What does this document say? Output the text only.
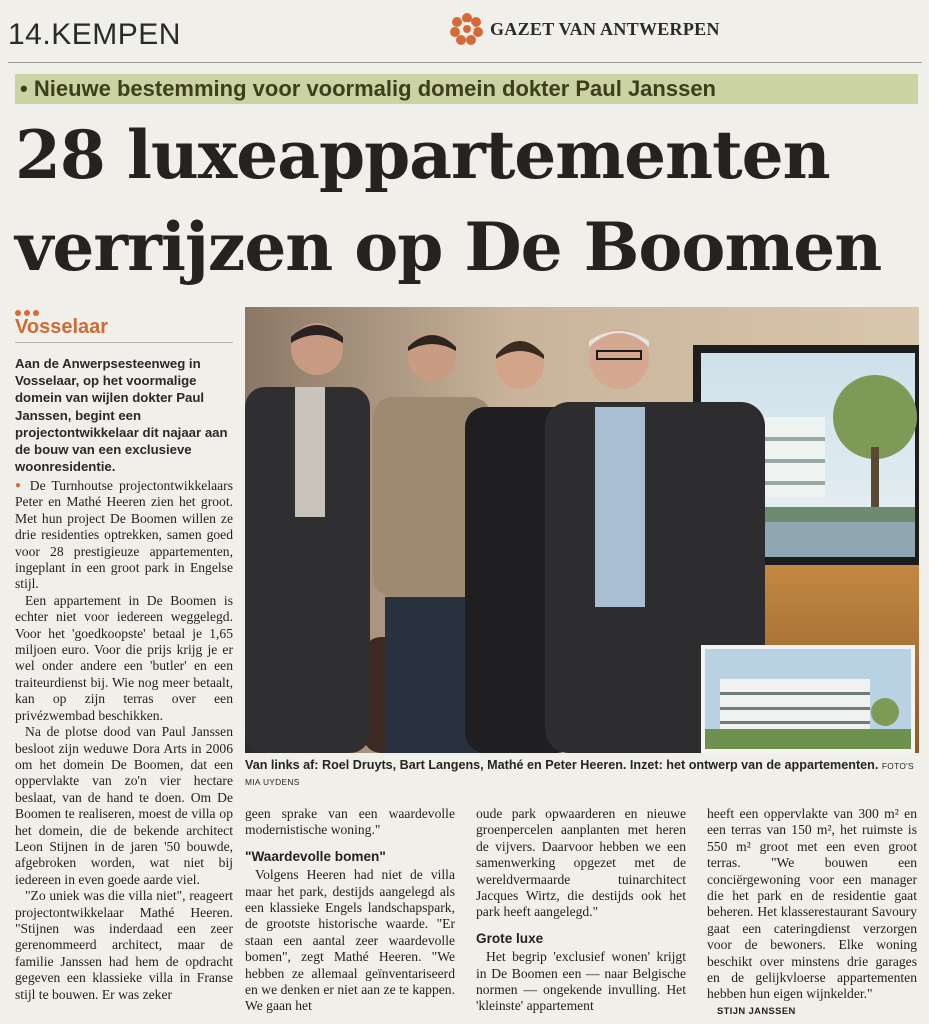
14.KEMPEN	GAZET VAN ANTWERPEN
• Nieuwe bestemming voor voormalig domein dokter Paul Janssen
28 luxeappartementen
verrijzen op De Boomen
Vosselaar
Aan de Anwerpsesteenweg in Vosselaar, op het voormalige domein van wijlen dokter Paul Janssen, begint een projectontwikkelaar dit najaar aan de bouw van een exclusieve woonresidentie.

● De Turnhoutse projectontwikkelaars Peter en Mathé Heeren zien het groot. Met hun project De Boomen willen ze drie residenties optrekken, samen goed voor 28 prestigieuze appartementen, ingeplant in een groot park in Engelse stijl.

Een appartement in De Boomen is echter niet voor iedereen weggelegd. Voor het 'goedkoopste' betaal je 1,65 miljoen euro. Voor die prijs krijg je er wel onder andere een 'butler' en een traiteurdienst bij. Wie nog meer betaalt, kan op zijn terras over een privézwembad beschikken.

Na de plotse dood van Paul Janssen besloot zijn weduwe Dora Arts in 2006 om het domein De Boomen, dat een oppervlakte van zo'n vier hectare beslaat, van de hand te doen. Om De Boomen te realiseren, moest de villa op het domein, die de bekende architect Leon Stijnen in de jaren '50 bouwde, afgebroken worden, wat niet bij iedereen in even goede aarde viel.

"Zo uniek was die villa niet", reageert projectontwikkelaar Mathé Heeren. "Stijnen was inderdaad een zeer gerenommeerd architect, maar de familie Janssen had hem de opdracht gegeven een klassieke villa in Franse stijl te bouwen. Er was zeker

Van links af: Roel Druyts, Bart Langens, Mathé en Peter Heeren. Inzet: het ontwerp van de appartementen. FOTO'S MIA UYDENS

geen sprake van een waardevolle modernistische woning."

"Waardevolle bomen"

Volgens Heeren had niet de villa maar het park, destijds aangelegd als een klassieke Engels landschapspark, de grootste historische waarde. "Er staan een aantal zeer waardevolle bomen", zegt Mathé Heeren. "We hebben ze allemaal geïnventariseerd en we denken er niet aan ze te kappen. We gaan het

oude park opwaarderen en nieuwe groenpercelen aanplanten met heren de vijvers. Daarvoor hebben we een samenwerking opgezet met de wereldvermaarde tuinarchitect Jacques Wirtz, die destijds ook het park heeft aangelegd."

Grote luxe

Het begrip 'exclusief wonen' krijgt in De Boomen een — naar Belgische normen — ongekende invulling. Het 'kleinste' appartement

heeft een oppervlakte van 300 m² en een terras van 150 m², het ruimste is 550 m² groot met een even groot terras. "We bouwen een conciërgewoning voor een manager die het park en de residentie gaat beheren. Het klasserestaurant Savoury gaat een cateringdienst verzorgen voor de bewoners. Elke woning beschikt over minstens drie garages en de gelijkvloerse appartementen hebben hun eigen wijnkelder."

STIJN JANSSEN
